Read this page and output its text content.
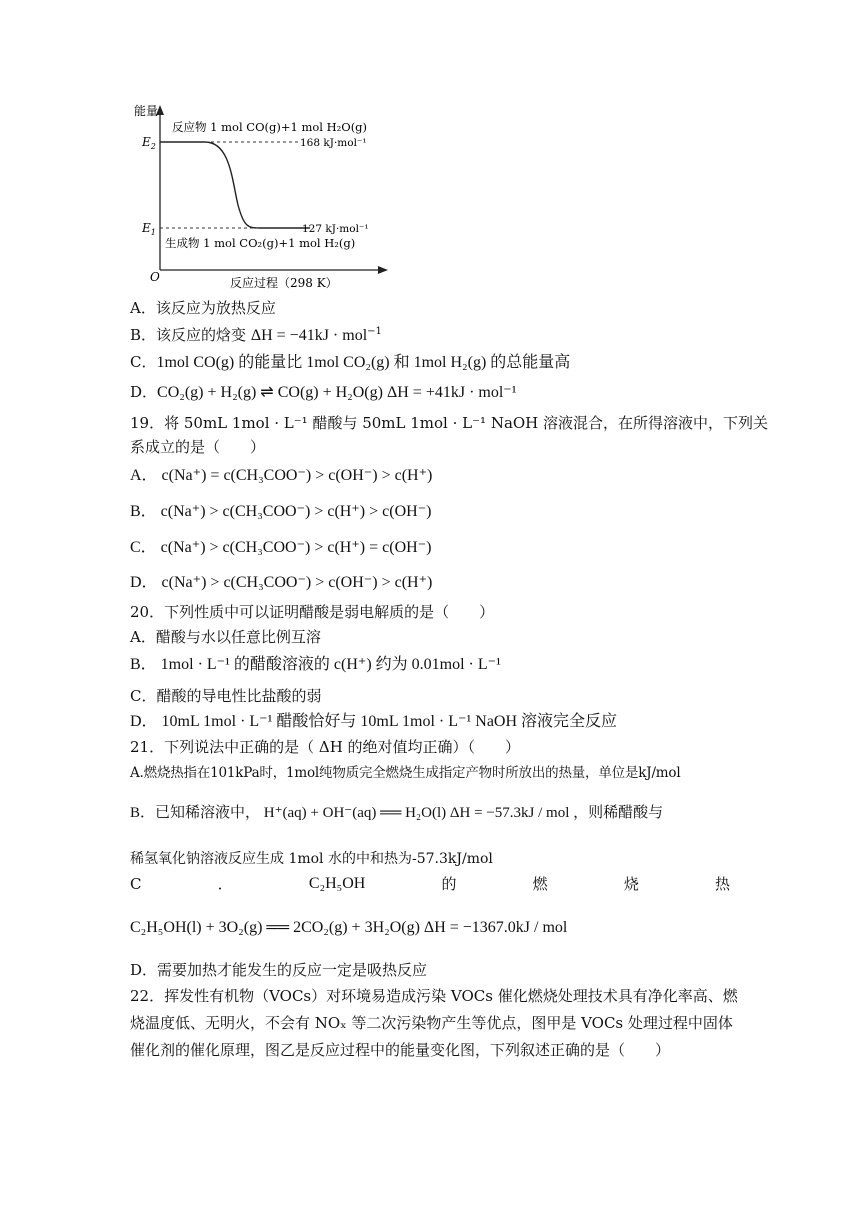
能量
O
$E_2$
$E_1$
反应物 1 mol CO(g)+1 mol H₂O(g)
生成物 1 mol CO₂(g)+1 mol H₂(g)
168 kJ·mol⁻¹
127 kJ·mol⁻¹
反应过程（298 K）
A．该反应为放热反应
B．该反应的焓变 ΔH = −41kJ · mol$^{-1}$
C．1mol CO(g) 的能量比 1mol CO₂(g) 和 1mol H₂(g) 的总能量高
D．CO₂(g) + H₂(g) ⇌ CO(g) + H₂O(g) ΔH = +41kJ · mol⁻¹
19．将 50mL 1mol · L⁻¹ 醋酸与 50mL 1mol · L⁻¹ NaOH 溶液混合，在所得溶液中，下列关
系成立的是（　　）
A． c(Na⁺) = c(CH₃COO⁻) > c(OH⁻) > c(H⁺)
B． c(Na⁺) > c(CH₃COO⁻) > c(H⁺) > c(OH⁻)
C． c(Na⁺) > c(CH₃COO⁻) > c(H⁺) = c(OH⁻)
D． c(Na⁺) > c(CH₃COO⁻) > c(OH⁻) > c(H⁺)
20．下列性质中可以证明醋酸是弱电解质的是（　　）
A．醋酸与水以任意比例互溶
B． 1mol · L⁻¹ 的醋酸溶液的 c(H⁺) 约为 0.01mol · L⁻¹
C．醋酸的导电性比盐酸的弱
D． 10mL 1mol · L⁻¹ 醋酸恰好与 10mL 1mol · L⁻¹ NaOH 溶液完全反应
21．下列说法中正确的是（ ΔH 的绝对值均正确）（　　）
A.燃烧热指在101kPa时，1mol纯物质完全燃烧生成指定产物时所放出的热量，单位是kJ/mol
B．已知稀溶液中， H⁺(aq) + OH⁻(aq) ══ H₂O(l) ΔH = −57.3kJ / mol ，则稀醋酸与
稀氢氧化钠溶液反应生成 1mol 水的中和热为-57.3kJ/mol
C	．	C₂H₅OH	的	燃	烧	热
C₂H₅OH(l) + 3O₂(g) ══ 2CO₂(g) + 3H₂O(g) ΔH = −1367.0kJ / mol
D．需要加热才能发生的反应一定是吸热反应
22．挥发性有机物（VOCs）对环境易造成污染 VOCs 催化燃烧处理技术具有净化率高、燃
烧温度低、无明火，不会有 NOₓ 等二次污染物产生等优点，图甲是 VOCs 处理过程中固体
催化剂的催化原理，图乙是反应过程中的能量变化图，下列叙述正确的是（　　）
